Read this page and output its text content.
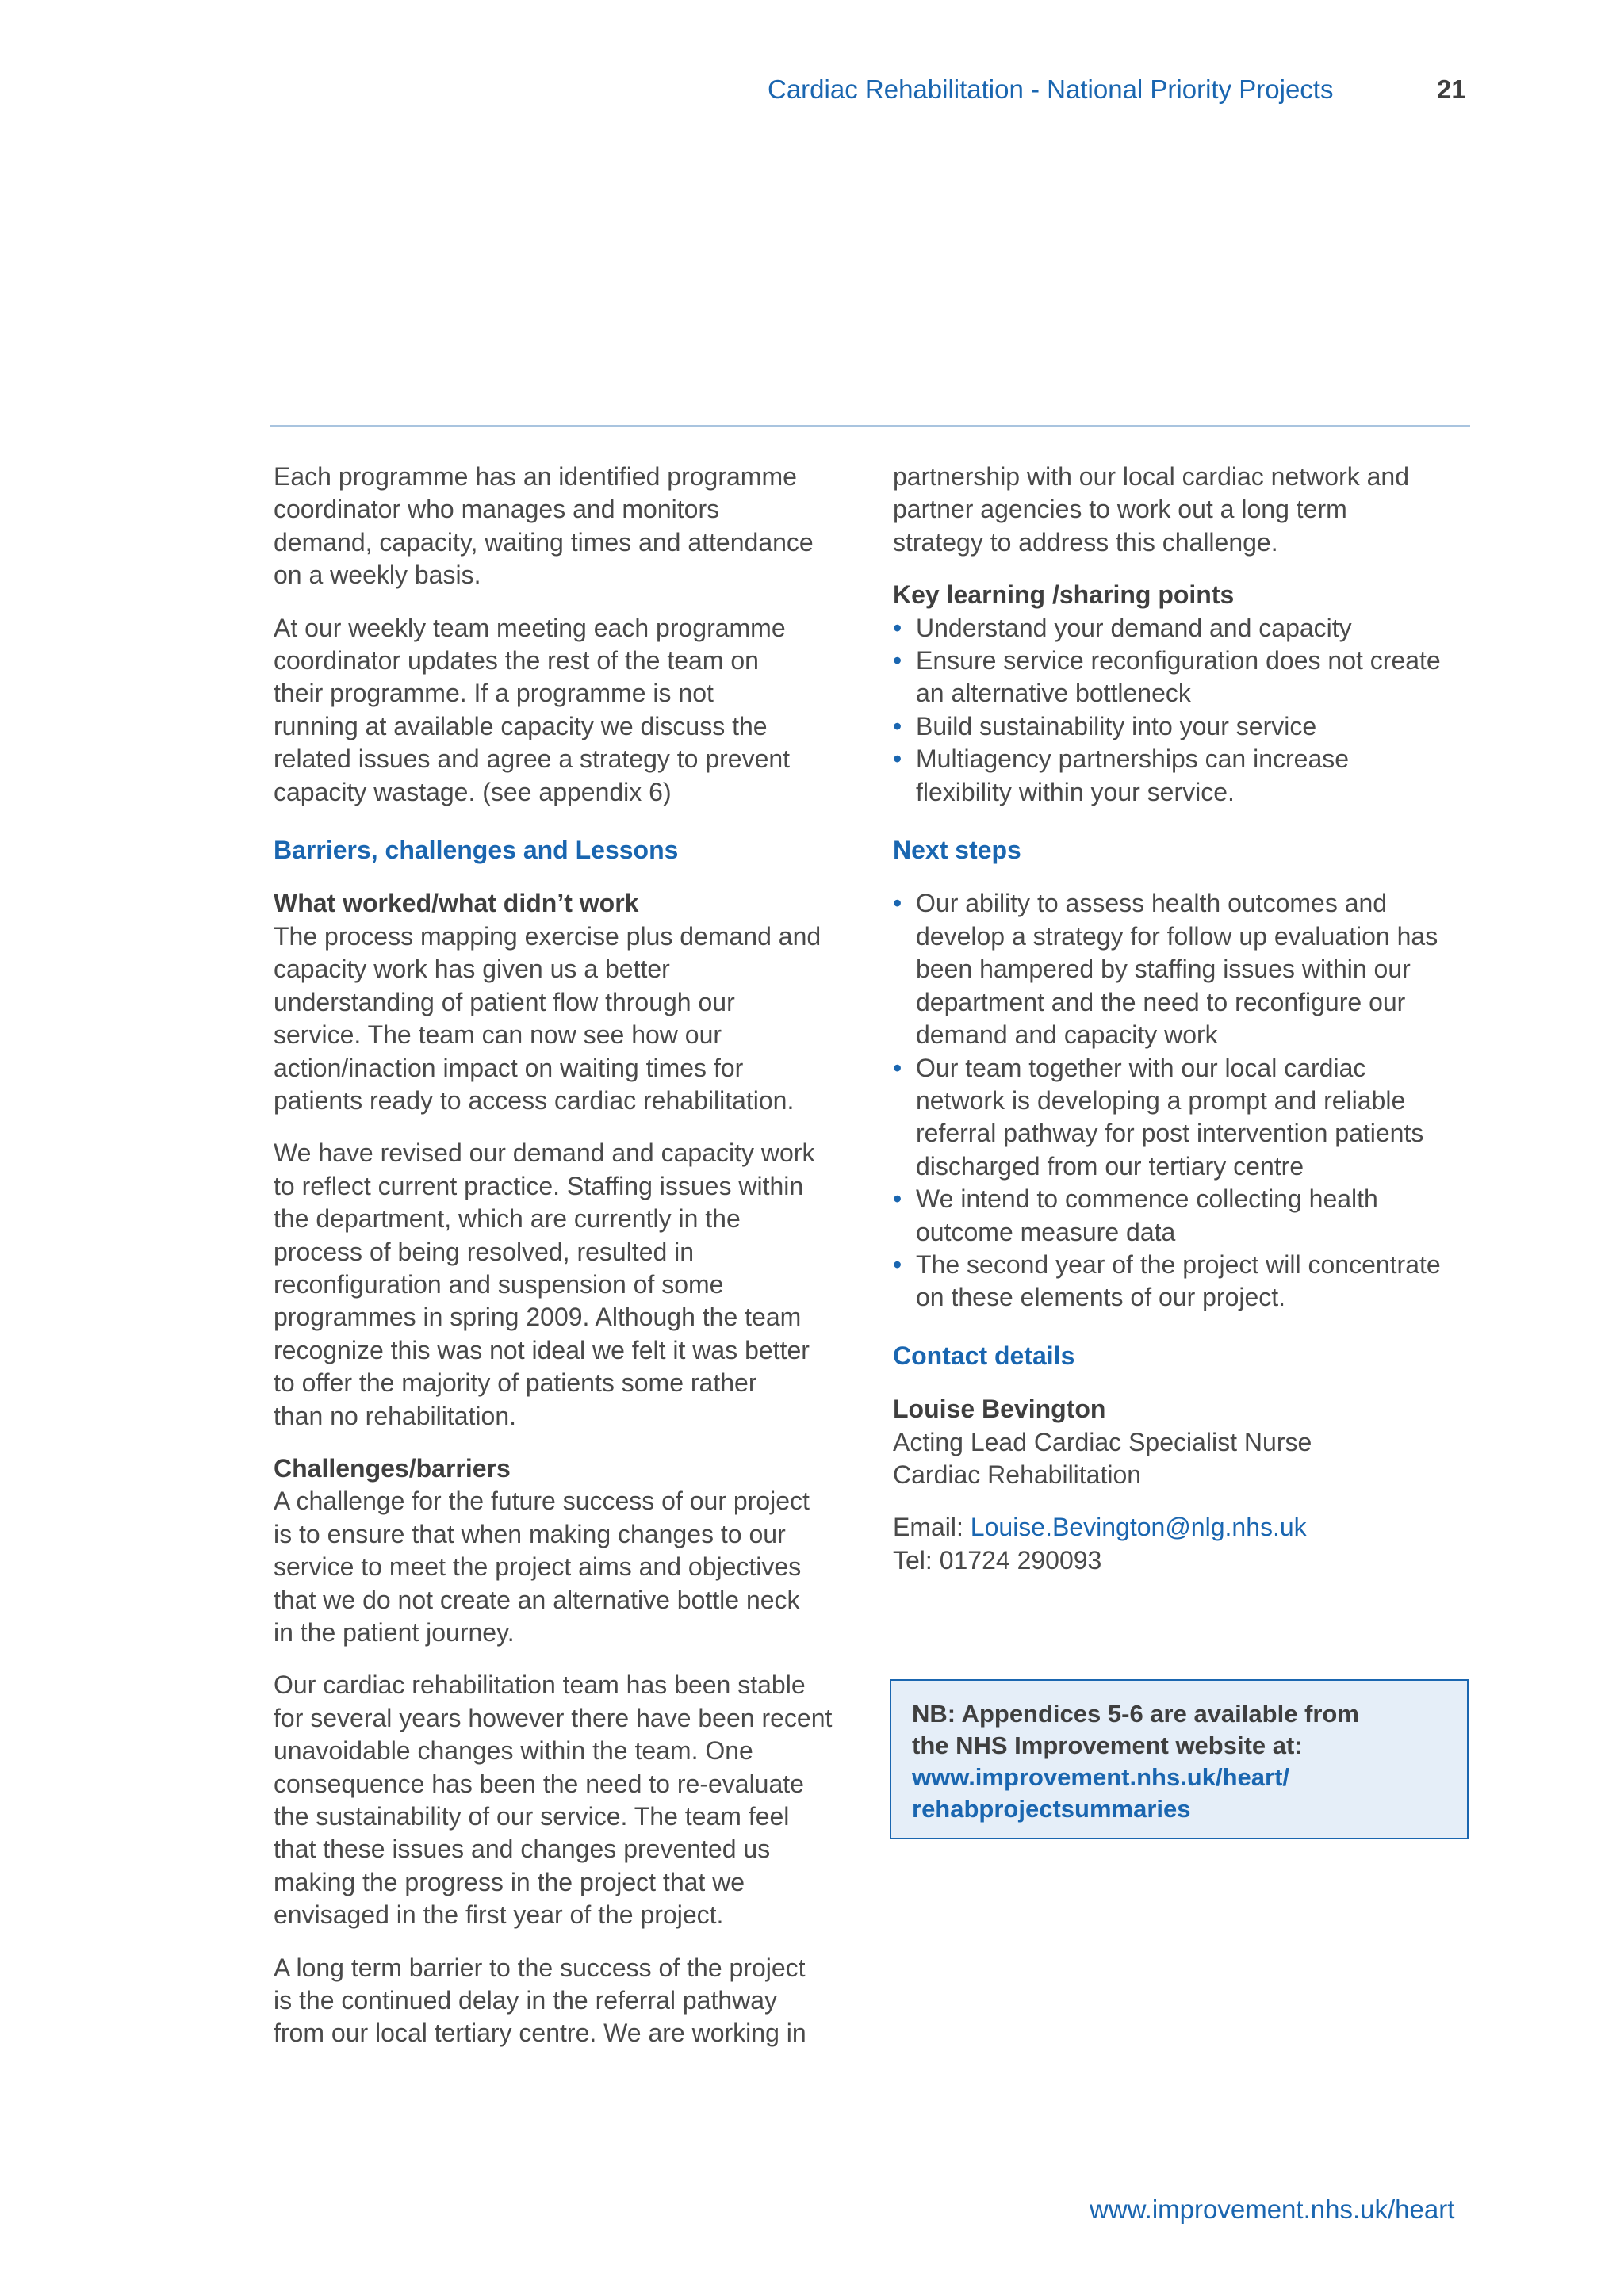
Cardiac Rehabilitation - National Priority Projects	21

Each programme has an identified programme
coordinator who manages and monitors
demand, capacity, waiting times and attendance
on a weekly basis.

At our weekly team meeting each programme
coordinator updates the rest of the team on
their programme. If a programme is not
running at available capacity we discuss the
related issues and agree a strategy to prevent
capacity wastage. (see appendix 6)

Barriers, challenges and Lessons

What worked/what didn’t work
The process mapping exercise plus demand and
capacity work has given us a better
understanding of patient flow through our
service. The team can now see how our
action/inaction impact on waiting times for
patients ready to access cardiac rehabilitation.

We have revised our demand and capacity work
to reflect current practice. Staffing issues within
the department, which are currently in the
process of being resolved, resulted in
reconfiguration and suspension of some
programmes in spring 2009. Although the team
recognize this was not ideal we felt it was better
to offer the majority of patients some rather
than no rehabilitation.

Challenges/barriers
A challenge for the future success of our project
is to ensure that when making changes to our
service to meet the project aims and objectives
that we do not create an alternative bottle neck
in the patient journey.

Our cardiac rehabilitation team has been stable
for several years however there have been recent
unavoidable changes within the team. One
consequence has been the need to re-evaluate
the sustainability of our service. The team feel
that these issues and changes prevented us
making the progress in the project that we
envisaged in the first year of the project.

A long term barrier to the success of the project
is the continued delay in the referral pathway
from our local tertiary centre. We are working in

partnership with our local cardiac network and
partner agencies to work out a long term
strategy to address this challenge.

Key learning /sharing points
• Understand your demand and capacity
• Ensure service reconfiguration does not create
an alternative bottleneck
• Build sustainability into your service
• Multiagency partnerships can increase
flexibility within your service.
Next steps
• Our ability to assess health outcomes and
develop a strategy for follow up evaluation has
been hampered by staffing issues within our
department and the need to reconfigure our
demand and capacity work
• Our team together with our local cardiac
network is developing a prompt and reliable
referral pathway for post intervention patients
discharged from our tertiary centre
• We intend to commence collecting health
outcome measure data
• The second year of the project will concentrate
on these elements of our project.
Contact details

Louise Bevington
Acting Lead Cardiac Specialist Nurse
Cardiac Rehabilitation

Email: Louise.Bevington@nlg.nhs.uk
Tel: 01724 290093

NB: Appendices 5-6 are available from
the NHS Improvement website at:
www.improvement.nhs.uk/heart/
rehabprojectsummaries
www.improvement.nhs.uk/heart
